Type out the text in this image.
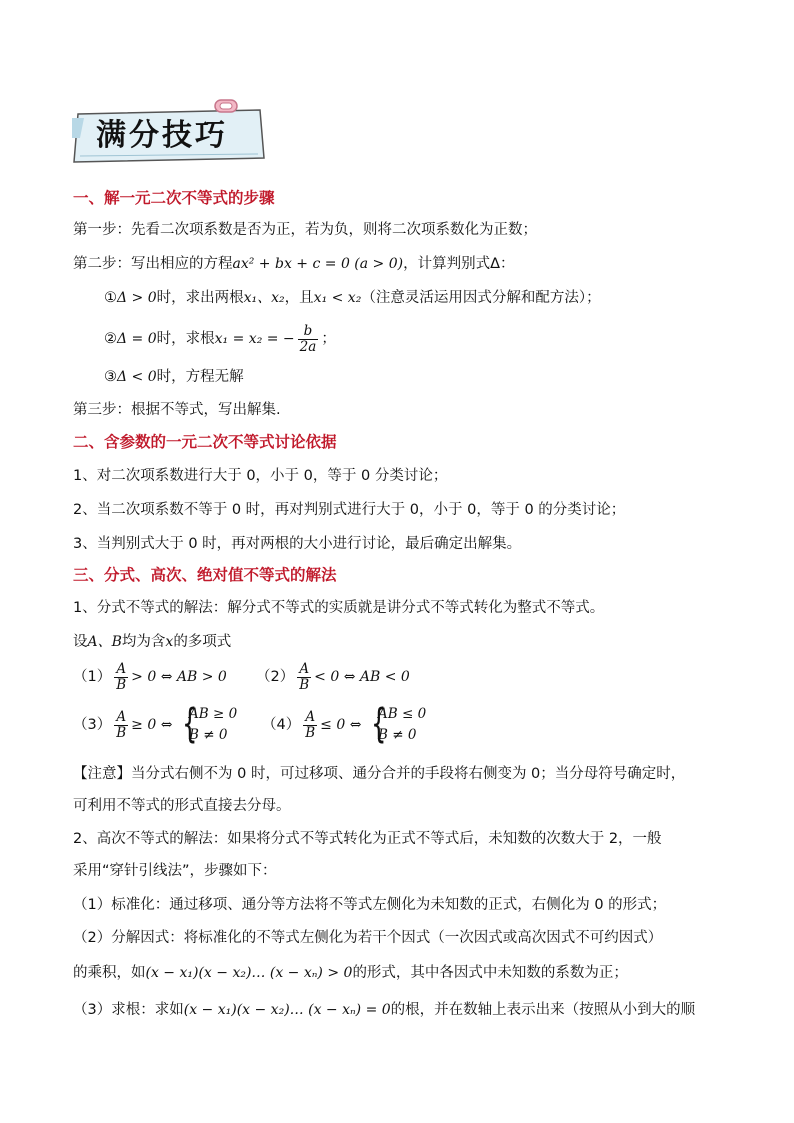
满分技巧
一、解一元二次不等式的步骤
第一步：先看二次项系数是否为正，若为负，则将二次项系数化为正数；
第二步：写出相应的方程ax² + bx + c = 0 (a > 0)，计算判别式Δ：
①Δ > 0时，求出两根x₁、x₂，且x₁ < x₂（注意灵活运用因式分解和配方法）；
②Δ = 0时，求根x₁ = x₂ = − $\frac{b}{2a}$ ；
③Δ < 0时，方程无解
第三步：根据不等式，写出解集.
二、含参数的一元二次不等式讨论依据
1、对二次项系数进行大于 0，小于 0，等于 0 分类讨论；
2、当二次项系数不等于 0 时，再对判别式进行大于 0，小于 0，等于 0 的分类讨论；
3、当判别式大于 0 时，再对两根的大小进行讨论，最后确定出解集。
三、分式、高次、绝对值不等式的解法
1、分式不等式的解法：解分式不等式的实质就是讲分式不等式转化为整式不等式。
设A、B均为含x的多项式
$(1) \frac{A}{B} > 0$ ⇔ AB > 0 $(2) \frac{A}{B} < 0$ ⇔ AB < 0
$(3) \frac{A}{B} \ge 0$ ⇔ {
AB ≥ 0
B ≠ 0
$(4) \frac{A}{B} \le 0$ ⇔ {
AB ≤ 0
B ≠ 0
【注意】当分式右侧不为 0 时，可过移项、通分合并的手段将右侧变为 0；当分母符号确定时，
可利用不等式的形式直接去分母。
2、高次不等式的解法：如果将分式不等式转化为正式不等式后，未知数的次数大于 2，一般
采用“穿针引线法”，步骤如下：
（1）标准化：通过移项、通分等方法将不等式左侧化为未知数的正式，右侧化为 0 的形式；
（2）分解因式：将标准化的不等式左侧化为若干个因式（一次因式或高次因式不可约因式）
的乘积，如(x − x₁)(x − x₂)… (x − xₙ) > 0的形式，其中各因式中未知数的系数为正；
（3）求根：求如(x − x₁)(x − x₂)… (x − xₙ) = 0的根，并在数轴上表示出来（按照从小到大的顺
